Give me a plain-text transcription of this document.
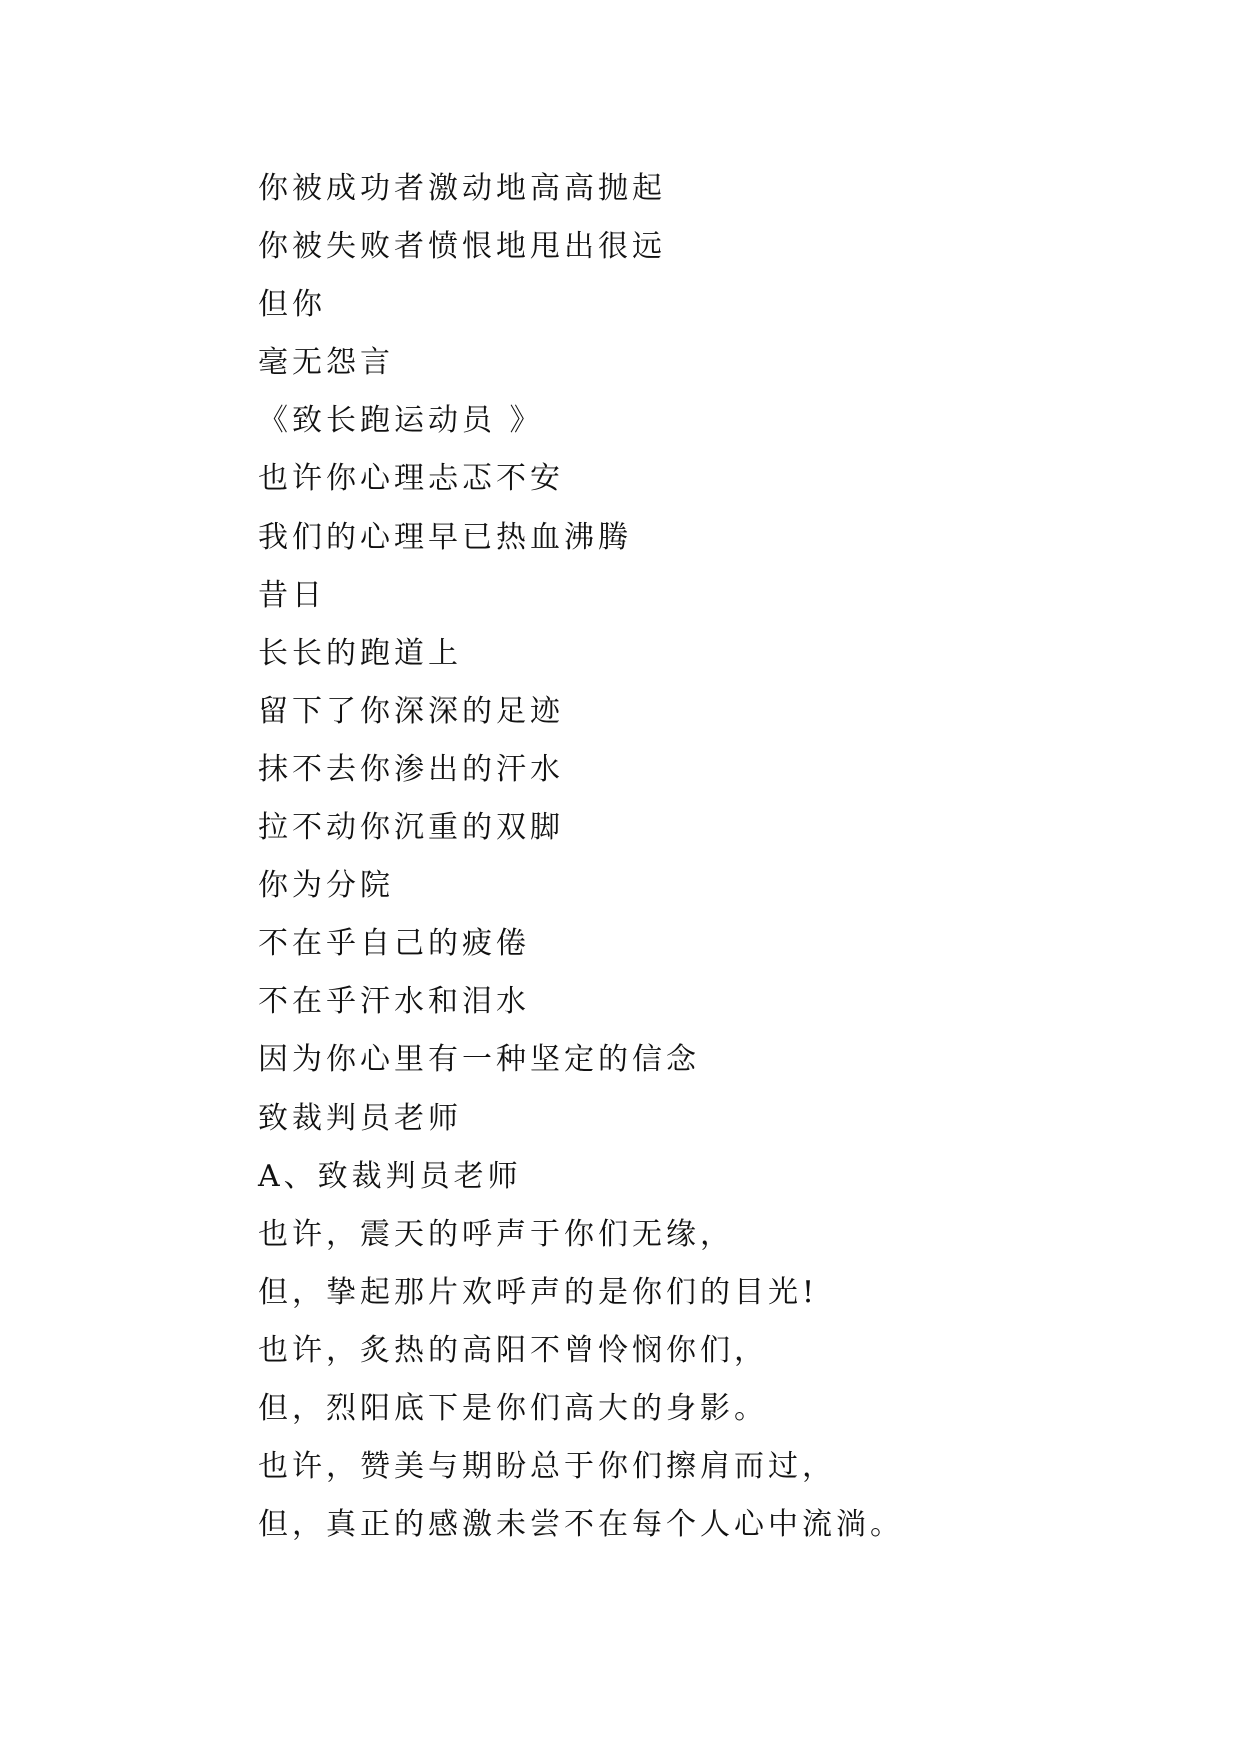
你被成功者激动地高高抛起
你被失败者愤恨地甩出很远
但你
毫无怨言
《致长跑运动员 》
也许你心理忐忑不安
我们的心理早已热血沸腾
昔日
长长的跑道上
留下了你深深的足迹
抹不去你渗出的汗水
拉不动你沉重的双脚
你为分院
不在乎自己的疲倦
不在乎汗水和泪水
因为你心里有一种坚定的信念
致裁判员老师
A、致裁判员老师
也许，震天的呼声于你们无缘，
但，挚起那片欢呼声的是你们的目光!
也许，炙热的高阳不曾怜悯你们，
但，烈阳底下是你们高大的身影。
也许，赞美与期盼总于你们擦肩而过，
但，真正的感激未尝不在每个人心中流淌。
